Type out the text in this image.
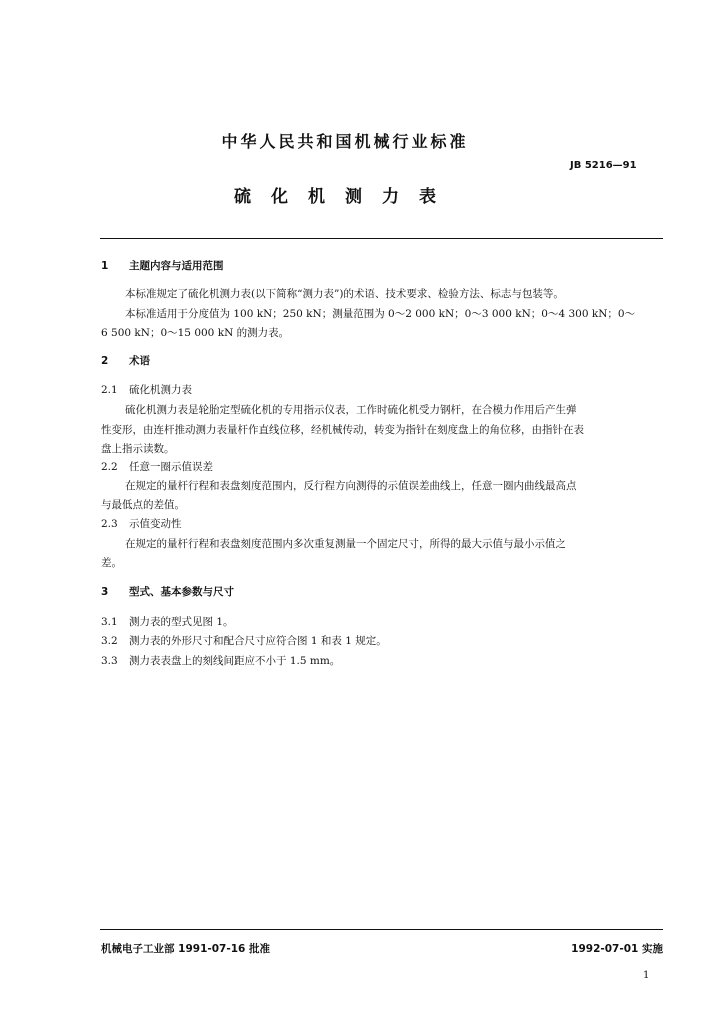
中华人民共和国机械行业标准
JB 5216—91
硫化机测力表
1 主题内容与适用范围
本标准规定了硫化机测力表(以下简称“测力表”)的术语、技术要求、检验方法、标志与包装等。
本标准适用于分度值为 100 kN；250 kN；测量范围为 0～2 000 kN；0～3 000 kN；0～4 300 kN；0～
6 500 kN；0～15 000 kN 的测力表。
2 术语
2.1 硫化机测力表
硫化机测力表是轮胎定型硫化机的专用指示仪表，工作时硫化机受力钢杆，在合模力作用后产生弹
性变形，由连杆推动测力表量杆作直线位移，经机械传动，转变为指针在刻度盘上的角位移，由指针在表
盘上指示读数。
2.2 任意一圈示值误差
在规定的量杆行程和表盘刻度范围内，反行程方向测得的示值误差曲线上，任意一圈内曲线最高点
与最低点的差值。
2.3 示值变动性
在规定的量杆行程和表盘刻度范围内多次重复测量一个固定尺寸，所得的最大示值与最小示值之
差。
3 型式、基本参数与尺寸
3.1 测力表的型式见图 1。
3.2 测力表的外形尺寸和配合尺寸应符合图 1 和表 1 规定。
3.3 测力表表盘上的刻线间距应不小于 1.5 mm。
机械电子工业部 1991-07-16 批准	1992-07-01 实施
1
